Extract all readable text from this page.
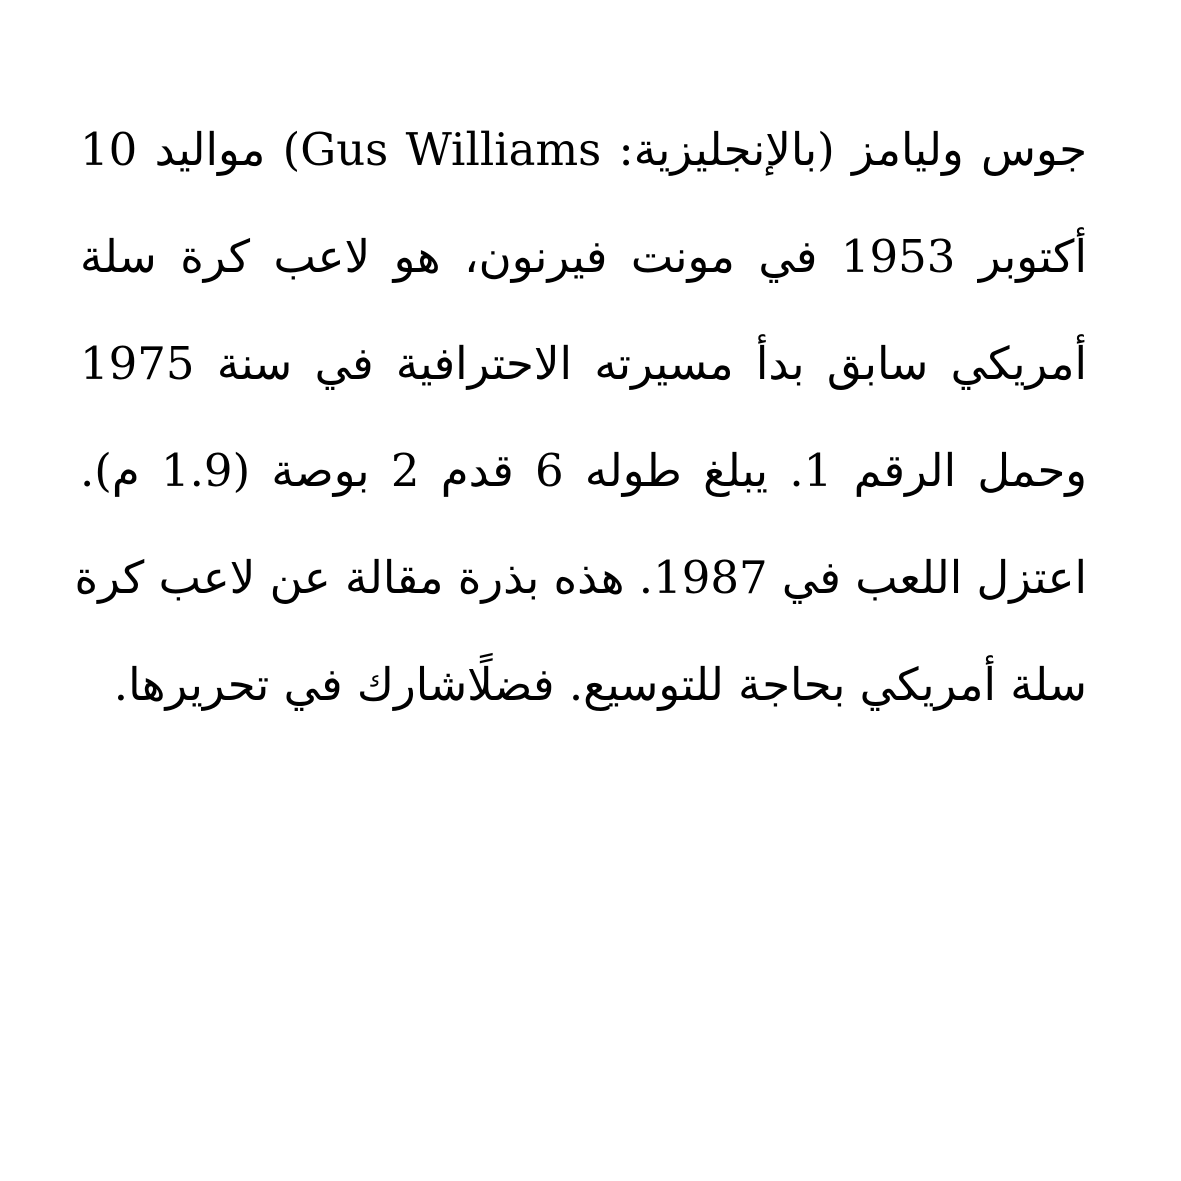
جوس وليامز (بالإنجليزية: Gus Williams) مواليد 10
أكتوبر 1953 في مونت فيرنون، هو لاعب كرة سلة
أمريكي سابق بدأ مسيرته الاحترافية في سنة 1975
وحمل الرقم 1. يبلغ طوله 6 قدم 2 بوصة (1.9 م).
اعتزل اللعب في 1987. هذه بذرة مقالة عن لاعب كرة
سلة أمريكي بحاجة للتوسيع. فضلًاشارك في تحريرها.
